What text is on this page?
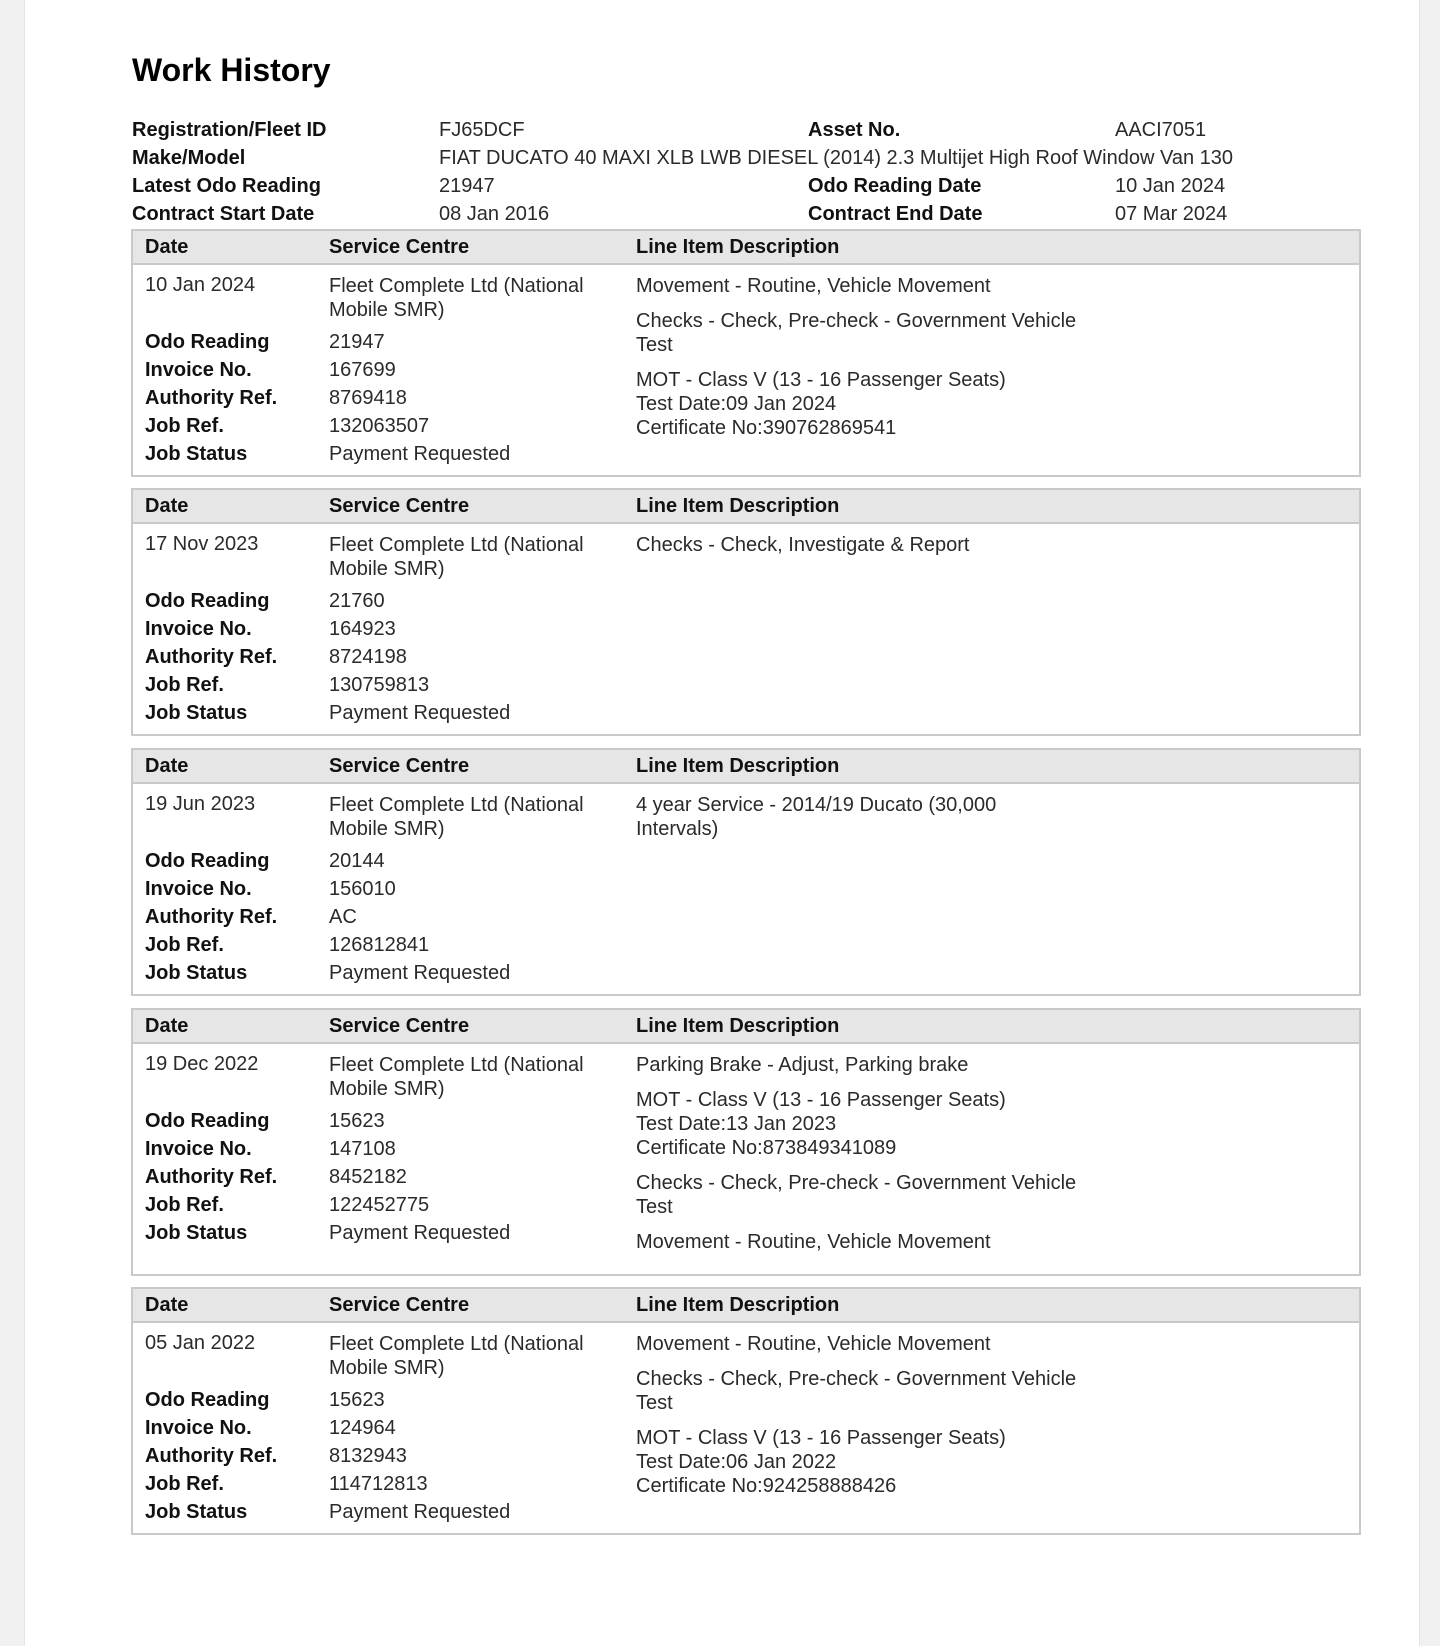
Work History
Registration/Fleet ID	FJ65DCF	Asset No.	AACI7051
Make/Model	FIAT DUCATO 40 MAXI XLB LWB DIESEL (2014) 2.3 Multijet High Roof Window Van 130
Latest Odo Reading	21947	Odo Reading Date	10 Jan 2024
Contract Start Date	08 Jan 2016	Contract End Date	07 Mar 2024
Date	Service Centre	Line Item Description
10 Jan 2024	Fleet Complete Ltd (National Mobile SMR)
Odo Reading	21947
Invoice No.	167699
Authority Ref.	8769418
Job Ref.	132063507
Job Status	Payment Requested
Movement - Routine, Vehicle Movement
Checks - Check, Pre-check - Government Vehicle
Test
MOT - Class V (13 - 16 Passenger Seats)
Test Date:09 Jan 2024
Certificate No:390762869541
Date	Service Centre	Line Item Description
17 Nov 2023	Fleet Complete Ltd (National Mobile SMR)
Odo Reading	21760
Invoice No.	164923
Authority Ref.	8724198
Job Ref.	130759813
Job Status	Payment Requested
Checks - Check, Investigate & Report
Date	Service Centre	Line Item Description
19 Jun 2023	Fleet Complete Ltd (National Mobile SMR)
Odo Reading	20144
Invoice No.	156010
Authority Ref.	AC
Job Ref.	126812841
Job Status	Payment Requested
4 year Service - 2014/19 Ducato (30,000
Intervals)
Date	Service Centre	Line Item Description
19 Dec 2022	Fleet Complete Ltd (National Mobile SMR)
Odo Reading	15623
Invoice No.	147108
Authority Ref.	8452182
Job Ref.	122452775
Job Status	Payment Requested
Parking Brake - Adjust, Parking brake
MOT - Class V (13 - 16 Passenger Seats)
Test Date:13 Jan 2023
Certificate No:873849341089
Checks - Check, Pre-check - Government Vehicle
Test
Movement - Routine, Vehicle Movement
Date	Service Centre	Line Item Description
05 Jan 2022	Fleet Complete Ltd (National Mobile SMR)
Odo Reading	15623
Invoice No.	124964
Authority Ref.	8132943
Job Ref.	114712813
Job Status	Payment Requested
Movement - Routine, Vehicle Movement
Checks - Check, Pre-check - Government Vehicle
Test
MOT - Class V (13 - 16 Passenger Seats)
Test Date:06 Jan 2022
Certificate No:924258888426
